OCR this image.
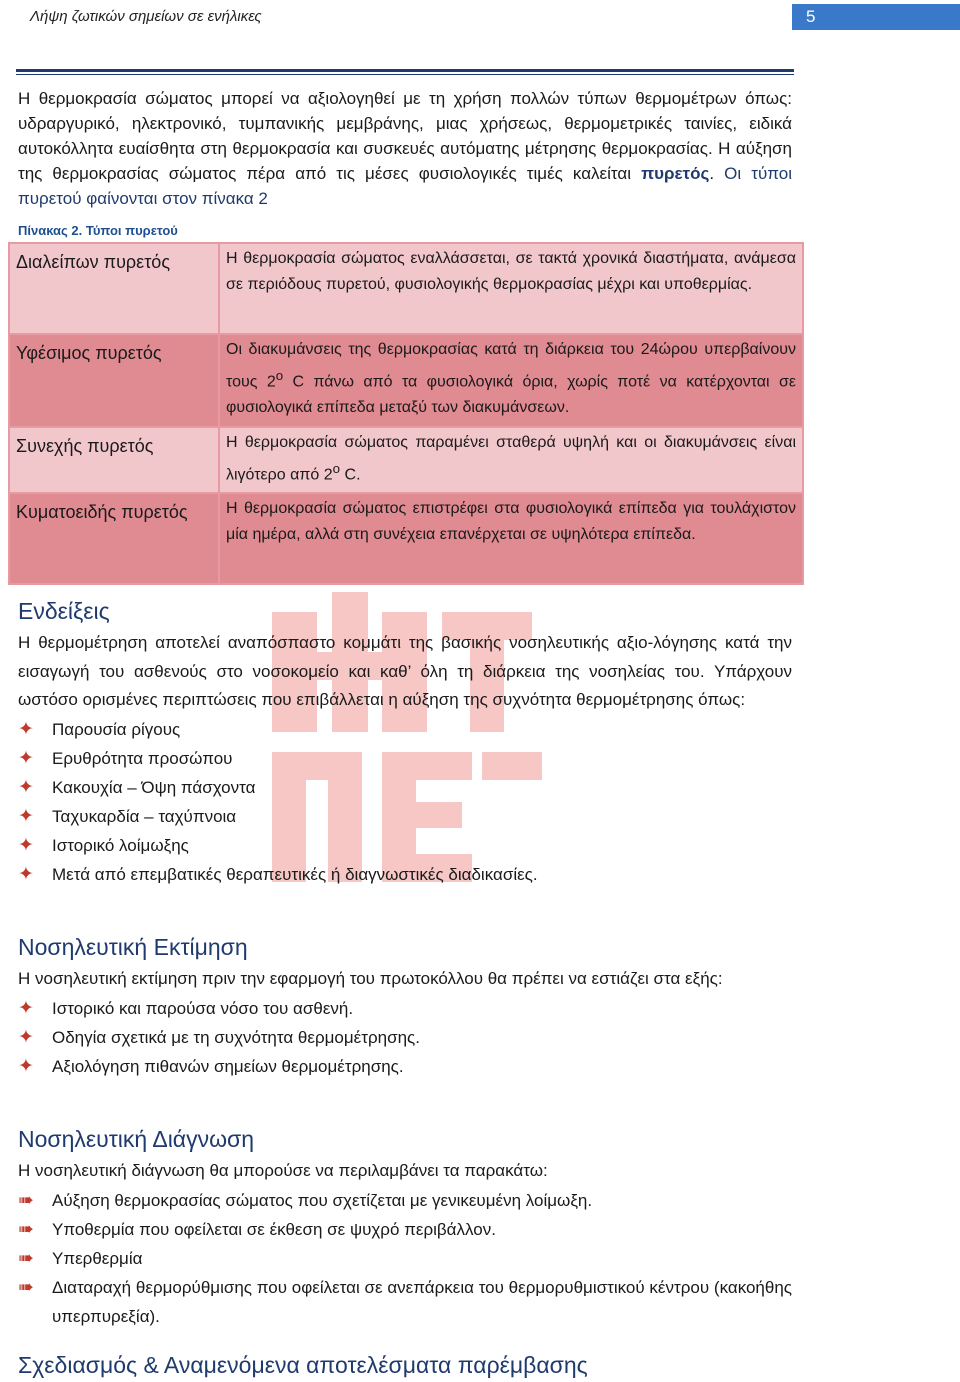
Λήψη ζωτικών σημείων σε ενήλικες	5

Η θερμοκρασία σώματος μπορεί να αξιολογηθεί με τη χρήση πολλών τύπων θερμομέτρων όπως: υδραργυρικό, ηλεκτρονικό, τυμπανικής μεμβράνης, μιας χρήσεως, θερμομετρικές ταινίες, ειδικά αυτοκόλλητα ευαίσθητα στη θερμοκρασία και συσκευές αυτόματης μέτρησης θερμοκρασίας. Η αύξηση της θερμοκρασίας σώματος πέρα από τις μέσες φυσιολογικές τιμές καλείται πυρετός. Οι τύποι πυρετού φαίνονται στον πίνακα 2

Πίνακας 2. Τύποι πυρετού
Διαλείπων πυρετός	Η θερμοκρασία σώματος εναλλάσσεται, σε τακτά χρονικά διαστήματα, ανάμεσα σε περιόδους πυρετού, φυσιολογικής θερμοκρασίας μέχρι και υποθερμίας.
Υφέσιμος πυρετός	Οι διακυμάνσεις της θερμοκρασίας κατά τη διάρκεια του 24ώρου υπερβαίνουν τους $2^o$ C πάνω από τα φυσιολογικά όρια, χωρίς ποτέ να κατέρχονται σε φυσιολογικά επίπεδα μεταξύ των διακυμάνσεων.
Συνεχής πυρετός	Η θερμοκρασία σώματος παραμένει σταθερά υψηλή και οι διακυμάνσεις είναι λιγότερο από $2^o$ C.
Κυματοειδής πυρετός	Η θερμοκρασία σώματος επιστρέφει στα φυσιολογικά επίπεδα για τουλάχιστον μία ημέρα, αλλά στη συνέχεια επανέρχεται σε υψηλότερα επίπεδα.
Ενδείξεις

Η θερμομέτρηση αποτελεί αναπόσπαστο κομμάτι της βασικής νοσηλευτικής αξιο-λόγησης κατά την εισαγωγή του ασθενούς στο νοσοκομείο και καθ’ όλη τη διάρκεια της νοσηλείας του. Υπάρχουν ωστόσο ορισμένες περιπτώσεις που επιβάλλεται η αύξηση της συχνότητα θερμομέτρησης όπως:

✦ Παρουσία ρίγους
✦ Ερυθρότητα προσώπου
✦ Κακουχία – Όψη πάσχοντα
✦ Ταχυκαρδία – ταχύπνοια
✦ Ιστορικό λοίμωξης
✦ Μετά από επεμβατικές θεραπευτικές ή διαγνωστικές διαδικασίες.
Νοσηλευτική Εκτίμηση

Η νοσηλευτική εκτίμηση πριν την εφαρμογή του πρωτοκόλλου θα πρέπει να εστιάζει στα εξής:

✦ Ιστορικό και παρούσα νόσο του ασθενή.
✦ Οδηγία σχετικά με τη συχνότητα θερμομέτρησης.
✦ Αξιολόγηση πιθανών σημείων θερμομέτρησης.
Νοσηλευτική Διάγνωση

Η νοσηλευτική διάγνωση θα μπορούσε να περιλαμβάνει τα παρακάτω:

➠ Αύξηση θερμοκρασίας σώματος που σχετίζεται με γενικευμένη λοίμωξη.
➠ Υποθερμία που οφείλεται σε έκθεση σε ψυχρό περιβάλλον.
➠ Υπερθερμία
➠ Διαταραχή θερμορύθμισης που οφείλεται σε ανεπάρκεια του θερμορυθμιστικού κέντρου (κακοήθης υπερπυρεξία).
Σχεδιασμός & Αναμενόμενα αποτελέσματα παρέμβασης
